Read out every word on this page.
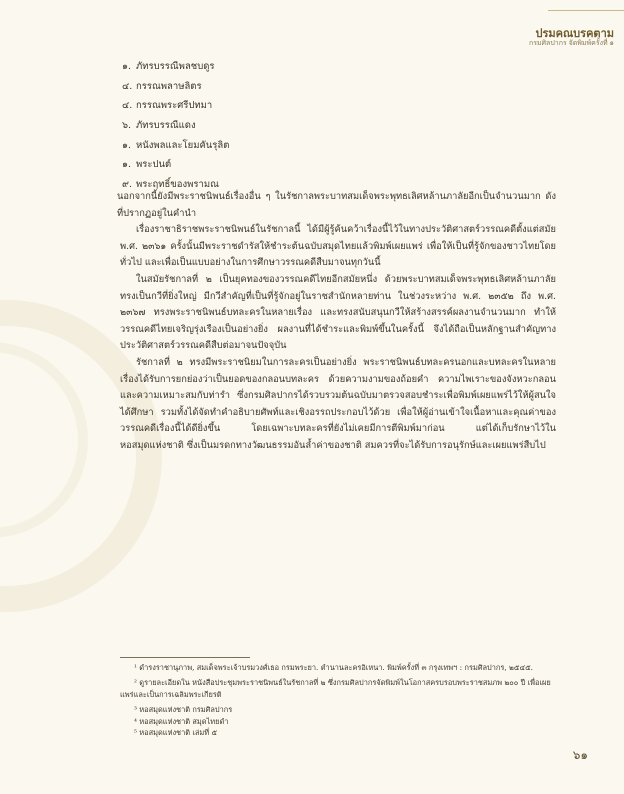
ปรมคณบรคตาม
กรมศิลปากร จัดพิมพ์ครั้งที่ ๑
๑. ภัทรบรรณีพลชบดูร
๔. กรรณพลาษลิตร
๔. กรรณพระศรีปทมา
๖. ภัทรบรรณีแดง
๑. หนังพลและโยมคันรุลิต
๑. พระปนต์
๙. พระฤทธิ์ของพรามณ

นอกจากนี้ยังมีพระราชนิพนธ์เรื่องอื่น ๆ ในรัชกาลพระบาทสมเด็จพระพุทธเลิศหล้านภาลัยอีกเป็นจำนวนมาก ดังที่ปรากฏอยู่ในคำนำ

เรื่องราชาธิราชพระราชนิพนธ์ในรัชกาลนี้ ได้มีผู้รู้ค้นคว้าเรื่องนี้ไว้ในทางประวัติศาสตร์วรรณคดีตั้งแต่สมัย พ.ศ. ๒๓๖๑ ครั้งนั้นมีพระราชดำรัสให้ชำระต้นฉบับสมุดไทยแล้วพิมพ์เผยแพร่ เพื่อให้เป็นที่รู้จักของชาวไทยโดยทั่วไป และเพื่อเป็นแบบอย่างในการศึกษาวรรณคดีสืบมาจนทุกวันนี้

ในสมัยรัชกาลที่ ๒ เป็นยุคทองของวรรณคดีไทยอีกสมัยหนึ่ง ด้วยพระบาทสมเด็จพระพุทธเลิศหล้านภาลัยทรงเป็นกวีที่ยิ่งใหญ่ มีกวีสำคัญที่เป็นที่รู้จักอยู่ในราชสำนักหลายท่าน ในช่วงระหว่าง พ.ศ. ๒๓๕๒ ถึง พ.ศ. ๒๓๖๗ ทรงพระราชนิพนธ์บทละครในหลายเรื่อง และทรงสนับสนุนกวีให้สร้างสรรค์ผลงานจำนวนมาก ทำให้วรรณคดีไทยเจริญรุ่งเรืองเป็นอย่างยิ่ง ผลงานที่ได้ชำระและพิมพ์ขึ้นในครั้งนี้ จึงได้ถือเป็นหลักฐานสำคัญทางประวัติศาสตร์วรรณคดีสืบต่อมาจนปัจจุบัน

รัชกาลที่ ๒ ทรงมีพระราชนิยมในการละครเป็นอย่างยิ่ง พระราชนิพนธ์บทละครนอกและบทละครในหลายเรื่องได้รับการยกย่องว่าเป็นยอดของกลอนบทละคร ด้วยความงามของถ้อยคำ ความไพเราะของจังหวะกลอน และความเหมาะสมกับท่ารำ ซึ่งกรมศิลปากรได้รวบรวมต้นฉบับมาตรวจสอบชำระเพื่อพิมพ์เผยแพร่ไว้ให้ผู้สนใจได้ศึกษา รวมทั้งได้จัดทำคำอธิบายศัพท์และเชิงอรรถประกอบไว้ด้วย เพื่อให้ผู้อ่านเข้าใจเนื้อหาและคุณค่าของวรรณคดีเรื่องนี้ได้ดียิ่งขึ้น โดยเฉพาะบทละครที่ยังไม่เคยมีการตีพิมพ์มาก่อน แต่ได้เก็บรักษาไว้ในหอสมุดแห่งชาติ ซึ่งเป็นมรดกทางวัฒนธรรมอันล้ำค่าของชาติ สมควรที่จะได้รับการอนุรักษ์และเผยแพร่สืบไป

¹ ดำรงราชานุภาพ, สมเด็จพระเจ้าบรมวงศ์เธอ กรมพระยา. ตำนานละครอิเหนา. พิมพ์ครั้งที่ ๓ กรุงเทพฯ : กรมศิลปากร, ๒๕๔๕.

² ดูรายละเอียดใน หนังสือประชุมพระราชนิพนธ์ในรัชกาลที่ ๒ ซึ่งกรมศิลปากรจัดพิมพ์ในโอกาสครบรอบพระราชสมภพ ๒๐๐ ปี เพื่อเผยแพร่และเป็นการเฉลิมพระเกียรติ

³ หอสมุดแห่งชาติ กรมศิลปากร

⁴ หอสมุดแห่งชาติ สมุดไทยดำ

⁵ หอสมุดแห่งชาติ เล่มที่ ๕

๖๑
